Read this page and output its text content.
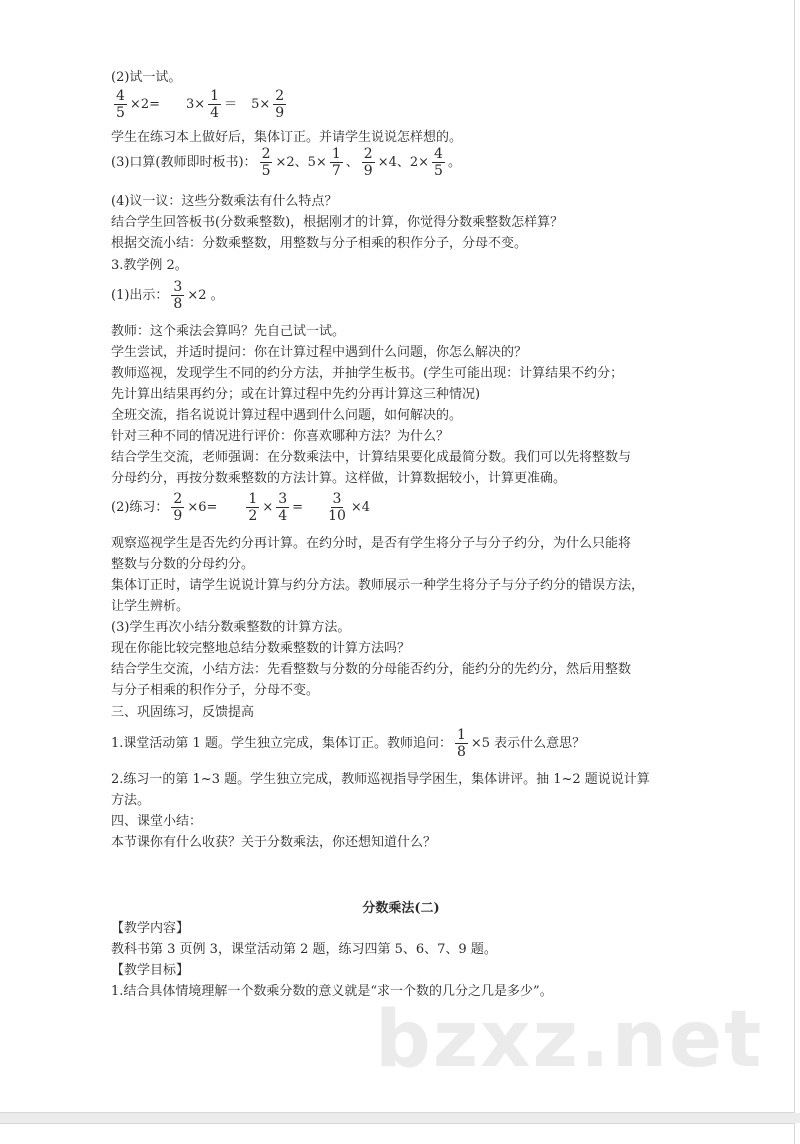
(2)试一试。
$\frac{4}{5} \times 2= 3\times \frac{1}{4} = 5\times \frac{2}{9}$
学生在练习本上做好后，集体订正。并请学生说说怎样想的。
(3)口算(教师即时板书)： $\frac{2}{5} \times 2$、 $5\times \frac{1}{7}$ 、 $\frac{2}{9} \times 4$、 $2\times \frac{4}{5}$ 。
(4)议一议：这些分数乘法有什么特点？
结合学生回答板书(分数乘整数)，根据刚才的计算，你觉得分数乘整数怎样算？
根据交流小结：分数乘整数，用整数与分子相乘的积作分子，分母不变。
3.教学例 2。
(1)出示： $\frac{3}{8} \times 2$ 。
教师：这个乘法会算吗？先自己试一试。
学生尝试，并适时提问：你在计算过程中遇到什么问题，你怎么解决的？
教师巡视，发现学生不同的约分方法，并抽学生板书。(学生可能出现：计算结果不约分；
先计算出结果再约分；或在计算过程中先约分再计算这三种情况)
全班交流，指名说说计算过程中遇到什么问题，如何解决的。
针对三种不同的情况进行评价：你喜欢哪种方法？为什么？
结合学生交流，老师强调：在分数乘法中，计算结果要化成最简分数。我们可以先将整数与
分母约分，再按分数乘整数的方法计算。这样做，计算数据较小，计算更准确。
(2)练习： $\frac{2}{9} \times 6= \frac{1}{2} \times \frac{3}{4} = \frac{3}{10} \times 4$
观察巡视学生是否先约分再计算。在约分时，是否有学生将分子与分子约分，为什么只能将
整数与分数的分母约分。
集体订正时，请学生说说计算与约分方法。教师展示一种学生将分子与分子约分的错误方法，
让学生辨析。
(3)学生再次小结分数乘整数的计算方法。
现在你能比较完整地总结分数乘整数的计算方法吗？
结合学生交流，小结方法：先看整数与分数的分母能否约分，能约分的先约分，然后用整数
与分子相乘的积作分子，分母不变。
三、巩固练习，反馈提高
1.课堂活动第 1 题。学生独立完成，集体订正。教师追问： $\frac{1}{8} \times 5$ 表示什么意思？
2.练习一的第 1~3 题。学生独立完成，教师巡视指导学困生，集体讲评。抽 1~2 题说说计算
方法。
四、课堂小结：
本节课你有什么收获？关于分数乘法，你还想知道什么？
分数乘法(二)
【教学内容】
教科书第 3 页例 3，课堂活动第 2 题，练习四第 5、6、7、9 题。
【教学目标】
1.结合具体情境理解一个数乘分数的意义就是“求一个数的几分之几是多少”。
bzxz.net
